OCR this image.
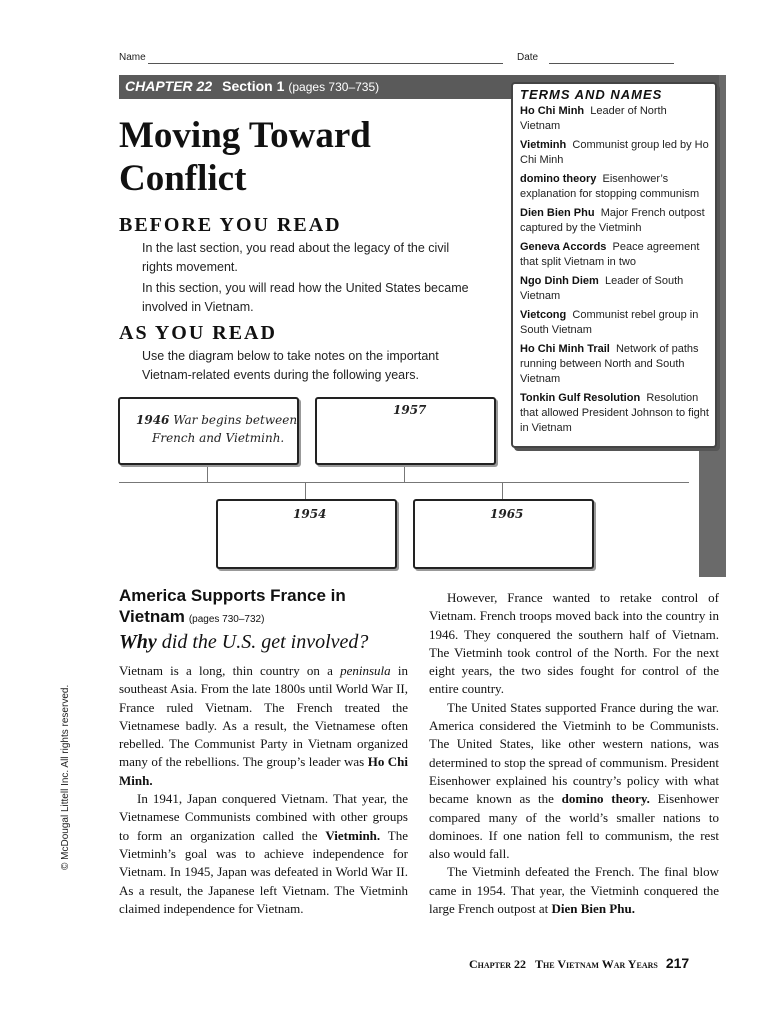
Name	Date
CHAPTER 22 Section 1 (pages 730–735)	TERMS AND NAMES
Ho Chi Minh Leader of North Vietnam
Vietminh Communist group led by Ho Chi Minh
domino theory Eisenhower’s explanation for stopping communism
Dien Bien Phu Major French outpost captured by the Vietminh
Geneva Accords Peace agreement that split Vietnam in two
Ngo Dinh Diem Leader of South Vietnam
Vietcong Communist rebel group in South Vietnam
Ho Chi Minh Trail Network of paths running between North and South Vietnam
Tonkin Gulf Resolution Resolution that allowed President Johnson to fight in Vietnam
Moving Toward
Conflict
BEFORE YOU READ
In the last section, you read about the legacy of the civil rights movement.
In this section, you will read how the United States became involved in Vietnam.
AS YOU READ
Use the diagram below to take notes on the important Vietnam-related events during the following years.
1946 War begins between
French and Vietminh.
1957
1954	1965
America Supports France in Vietnam (pages 730–732)
Why did the U.S. get involved?

Vietnam is a long, thin country on a peninsula in southeast Asia. From the late 1800s until World War II, France ruled Vietnam. The French treated the Vietnamese badly. As a result, the Vietnamese often rebelled. The Communist Party in Vietnam organized many of the rebellions. The group’s leader was Ho Chi Minh.

In 1941, Japan conquered Vietnam. That year, the Vietnamese Communists combined with other groups to form an organization called the Vietminh. The Vietminh’s goal was to achieve independence for Vietnam. In 1945, Japan was defeated in World War II. As a result, the Japanese left Vietnam. The Vietminh claimed independence for Vietnam.

However, France wanted to retake control of Vietnam. French troops moved back into the country in 1946. They conquered the southern half of Vietnam. The Vietminh took control of the North. For the next eight years, the two sides fought for control of the entire country.

The United States supported France during the war. America considered the Vietminh to be Communists. The United States, like other western nations, was determined to stop the spread of communism. President Eisenhower explained his country’s policy with what became known as the domino theory. Eisenhower compared many of the world’s smaller nations to dominoes. If one nation fell to communism, the rest also would fall.

The Vietminh defeated the French. The final blow came in 1954. That year, the Vietminh conquered the large French outpost at Dien Bien Phu.

© McDougal Littell Inc. All rights reserved.
Chapter 22 The Vietnam War Years 217
